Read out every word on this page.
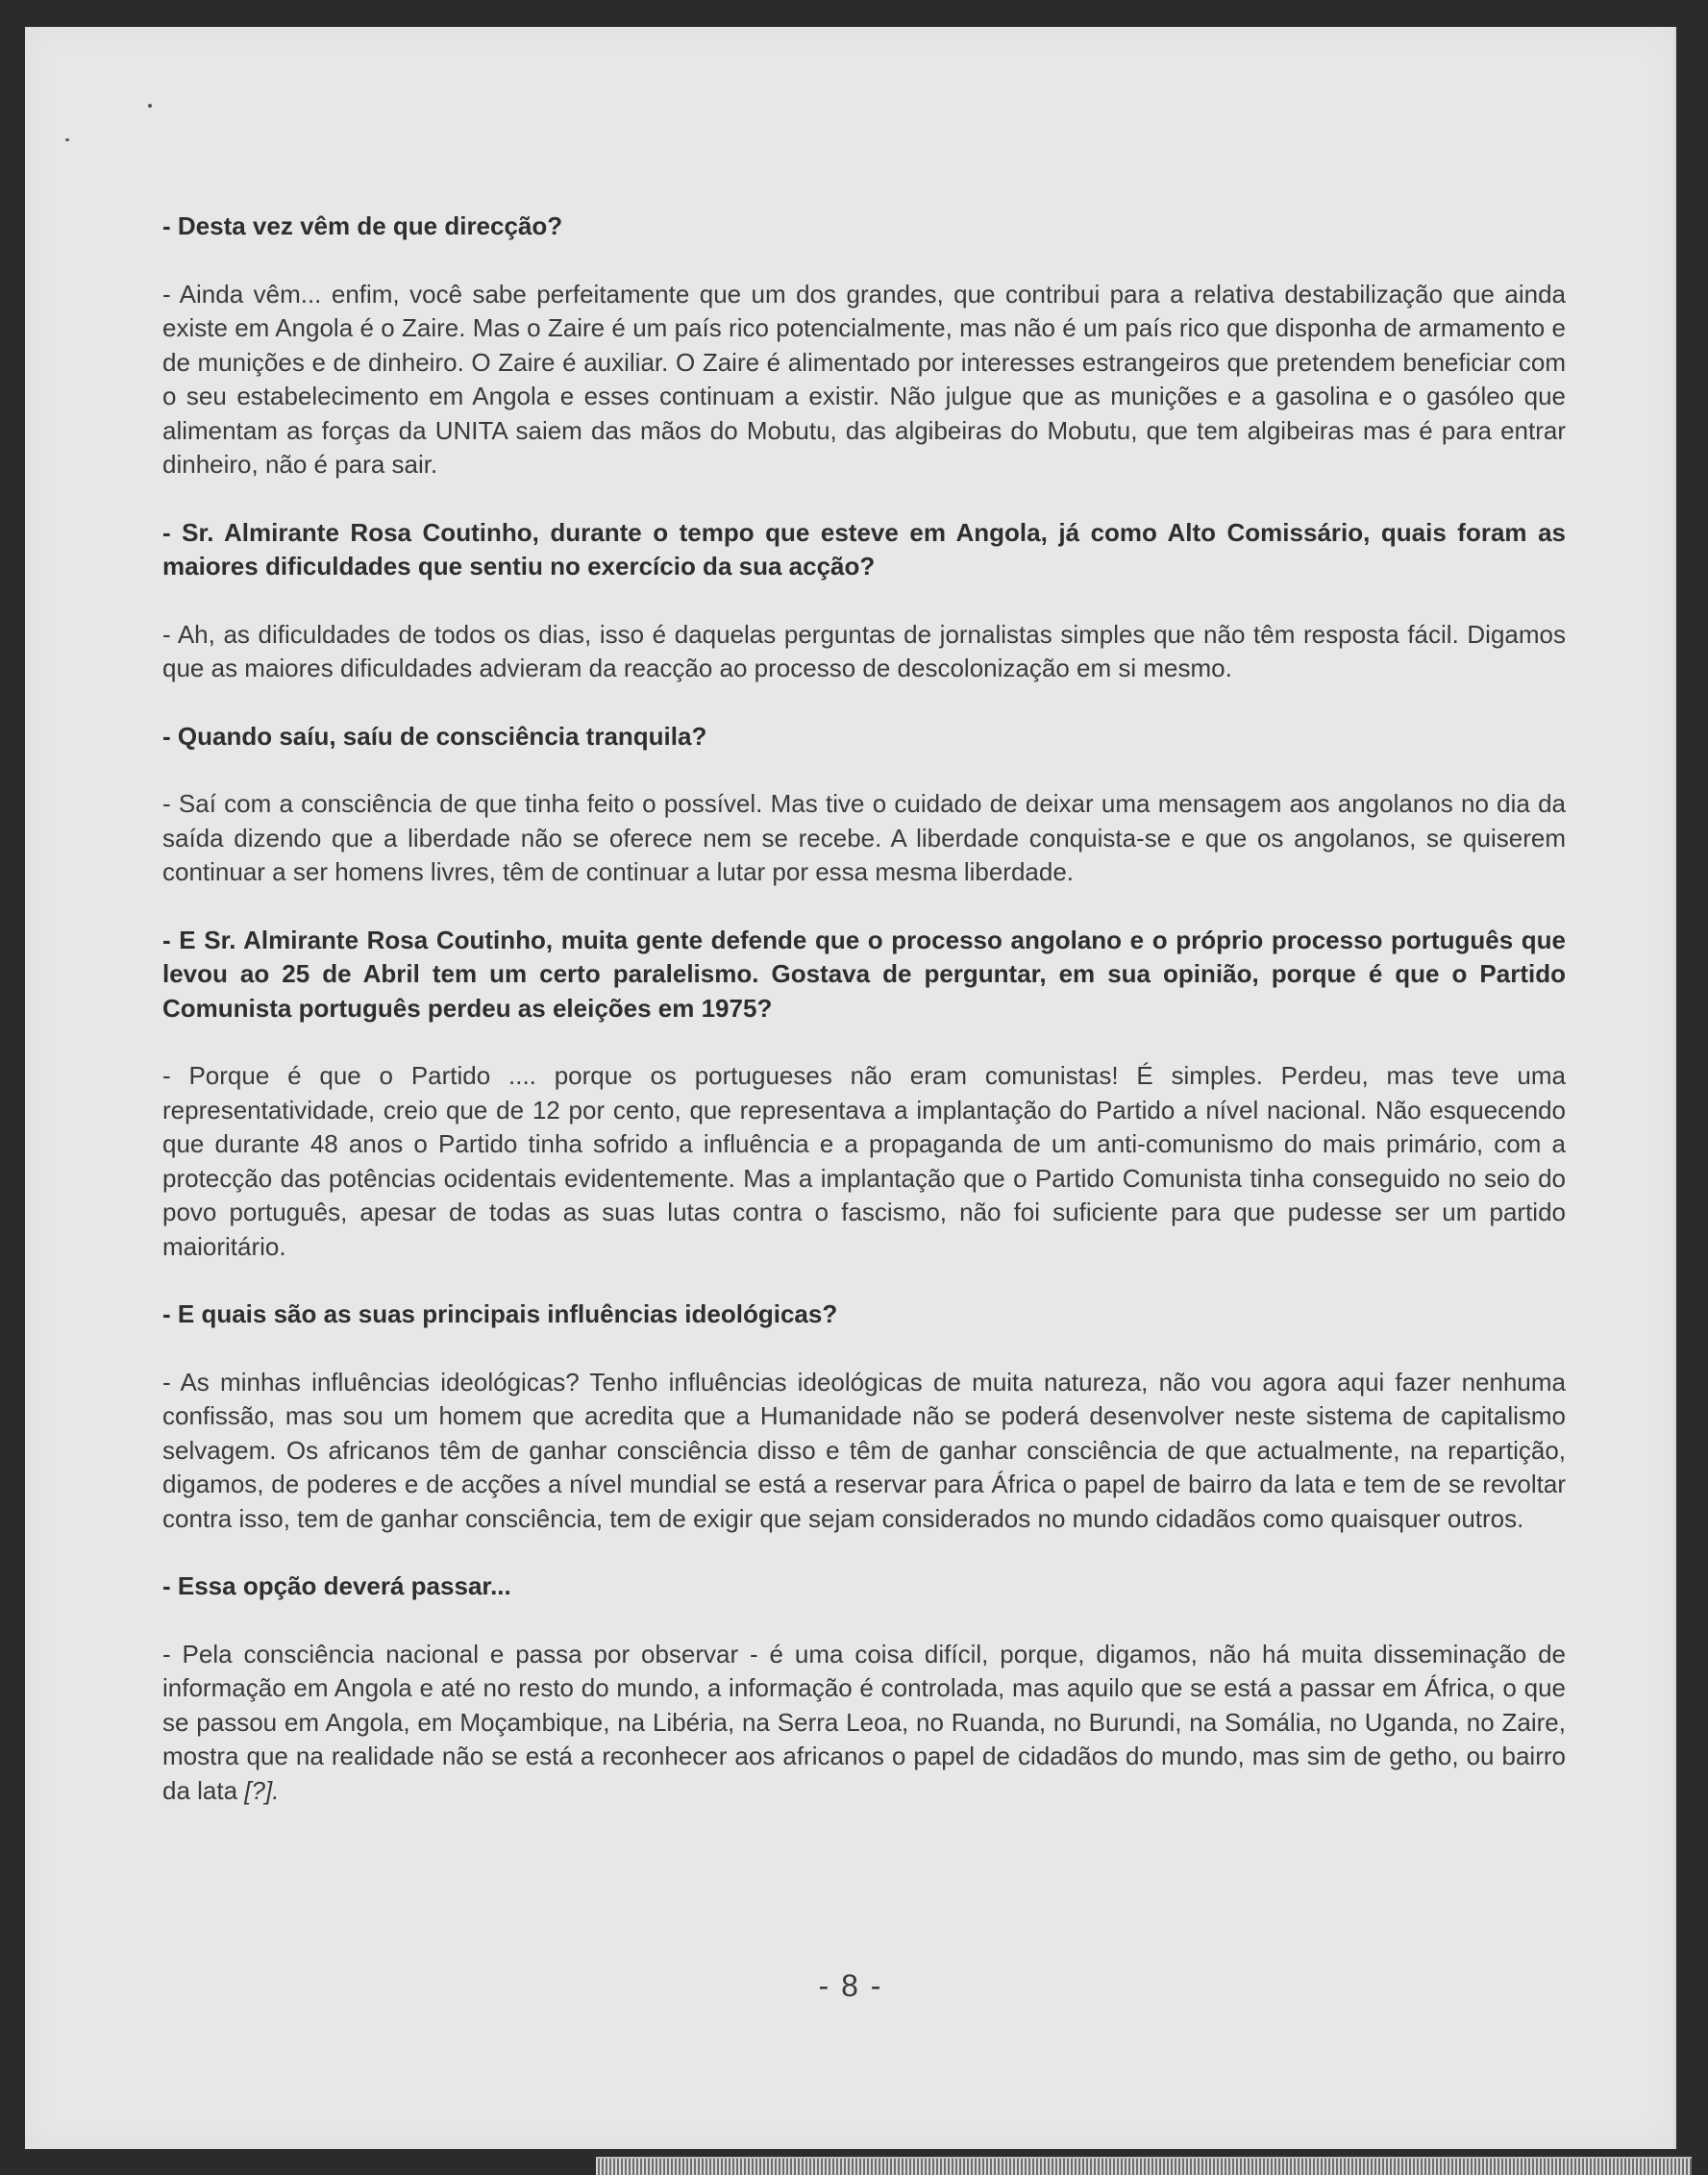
- Desta vez vêm de que direcção?

- Ainda vêm... enfim, você sabe perfeitamente que um dos grandes, que contribui para a relativa destabilização que ainda existe em Angola é o Zaire. Mas o Zaire é um país rico potencialmente, mas não é um país rico que disponha de armamento e de munições e de dinheiro. O Zaire é auxiliar. O Zaire é alimentado por interesses estrangeiros que pretendem beneficiar com o seu estabelecimento em Angola e esses continuam a existir. Não julgue que as munições e a gasolina e o gasóleo que alimentam as forças da UNITA saiem das mãos do Mobutu, das algibeiras do Mobutu, que tem algibeiras mas é para entrar dinheiro, não é para sair.

- Sr. Almirante Rosa Coutinho, durante o tempo que esteve em Angola, já como Alto Comissário, quais foram as maiores dificuldades que sentiu no exercício da sua acção?

- Ah, as dificuldades de todos os dias, isso é daquelas perguntas de jornalistas simples que não têm resposta fácil. Digamos que as maiores dificuldades advieram da reacção ao processo de descolonização em si mesmo.

- Quando saíu, saíu de consciência tranquila?

- Saí com a consciência de que tinha feito o possível. Mas tive o cuidado de deixar uma mensagem aos angolanos no dia da saída dizendo que a liberdade não se oferece nem se recebe. A liberdade conquista-se e que os angolanos, se quiserem continuar a ser homens livres, têm de continuar a lutar por essa mesma liberdade.

- E Sr. Almirante Rosa Coutinho, muita gente defende que o processo angolano e o próprio processo português que levou ao 25 de Abril tem um certo paralelismo. Gostava de perguntar, em sua opinião, porque é que o Partido Comunista português perdeu as eleições em 1975?

- Porque é que o Partido .... porque os portugueses não eram comunistas! É simples. Perdeu, mas teve uma representatividade, creio que de 12 por cento, que representava a implantação do Partido a nível nacional. Não esquecendo que durante 48 anos o Partido tinha sofrido a influência e a propaganda de um anti-comunismo do mais primário, com a protecção das potências ocidentais evidentemente. Mas a implantação que o Partido Comunista tinha conseguido no seio do povo português, apesar de todas as suas lutas contra o fascismo, não foi suficiente para que pudesse ser um partido maioritário.

- E quais são as suas principais influências ideológicas?

- As minhas influências ideológicas? Tenho influências ideológicas de muita natureza, não vou agora aqui fazer nenhuma confissão, mas sou um homem que acredita que a Humanidade não se poderá desenvolver neste sistema de capitalismo selvagem. Os africanos têm de ganhar consciência disso e têm de ganhar consciência de que actualmente, na repartição, digamos, de poderes e de acções a nível mundial se está a reservar para África o papel de bairro da lata e tem de se revoltar contra isso, tem de ganhar consciência, tem de exigir que sejam considerados no mundo cidadãos como quaisquer outros.

- Essa opção deverá passar...

- Pela consciência nacional e passa por observar - é uma coisa difícil, porque, digamos, não há muita disseminação de informação em Angola e até no resto do mundo, a informação é controlada, mas aquilo que se está a passar em África, o que se passou em Angola, em Moçambique, na Libéria, na Serra Leoa, no Ruanda, no Burundi, na Somália, no Uganda, no Zaire, mostra que na realidade não se está a reconhecer aos africanos o papel de cidadãos do mundo, mas sim de getho, ou bairro da lata [?].

- 8 -
